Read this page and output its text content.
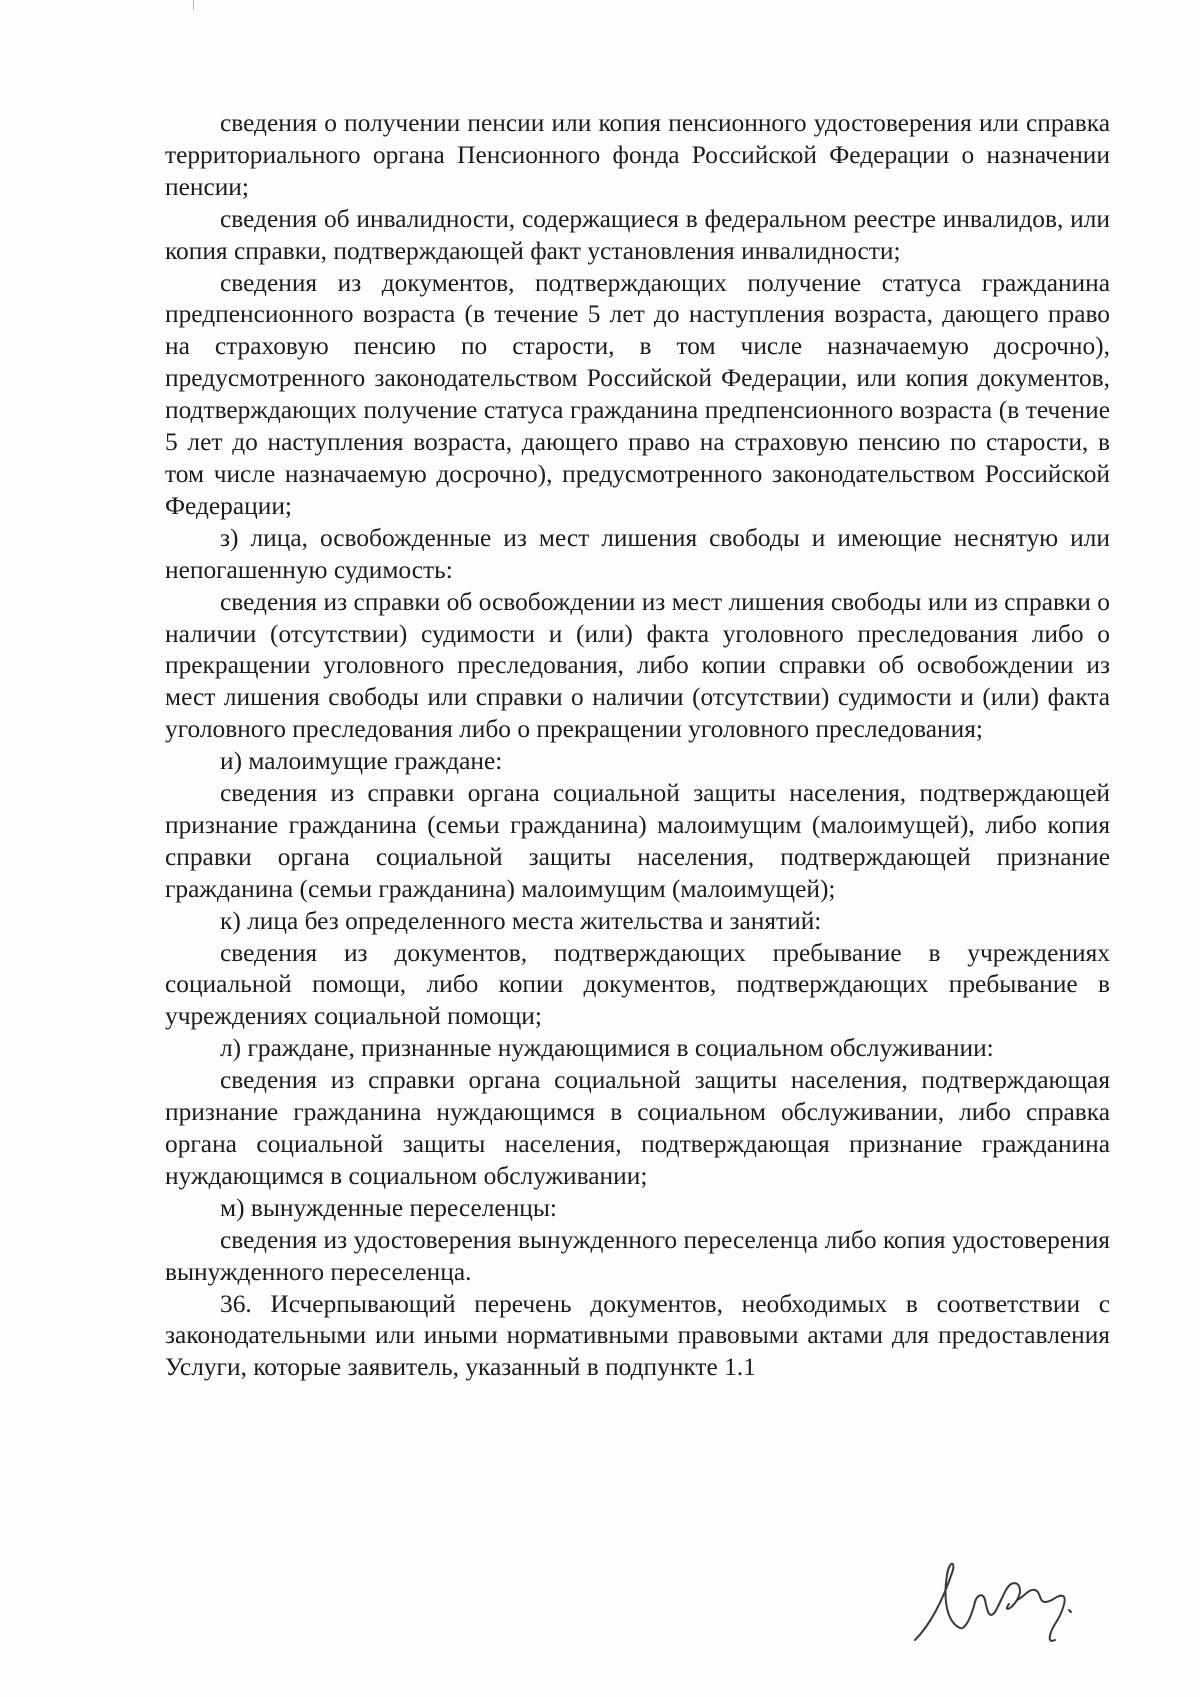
сведения о получении пенсии или копия пенсионного удостоверения или справка территориального органа Пенсионного фонда Российской Федерации о назначении пенсии;

сведения об инвалидности, содержащиеся в федеральном реестре инвалидов, или копия справки, подтверждающей факт установления инвалидности;

сведения из документов, подтверждающих получение статуса гражданина предпенсионного возраста (в течение 5 лет до наступления возраста, дающего право на страховую пенсию по старости, в том числе назначаемую досрочно), предусмотренного законодательством Российской Федерации, или копия документов, подтверждающих получение статуса гражданина предпенсионного возраста (в течение 5 лет до наступления возраста, дающего право на страховую пенсию по старости, в том числе назначаемую досрочно), предусмотренного законодательством Российской Федерации;

з) лица, освобожденные из мест лишения свободы и имеющие неснятую или непогашенную судимость:

сведения из справки об освобождении из мест лишения свободы или из справки о наличии (отсутствии) судимости и (или) факта уголовного преследования либо о прекращении уголовного преследования, либо копии справки об освобождении из мест лишения свободы или справки о наличии (отсутствии) судимости и (или) факта уголовного преследования либо о прекращении уголовного преследования;

и) малоимущие граждане:

сведения из справки органа социальной защиты населения, подтверждающей признание гражданина (семьи гражданина) малоимущим (малоимущей), либо копия справки органа социальной защиты населения, подтверждающей признание гражданина (семьи гражданина) малоимущим (малоимущей);

к) лица без определенного места жительства и занятий:

сведения из документов, подтверждающих пребывание в учреждениях социальной помощи, либо копии документов, подтверждающих пребывание в учреждениях социальной помощи;

л) граждане, признанные нуждающимися в социальном обслуживании:

сведения из справки органа социальной защиты населения, подтверждающая признание гражданина нуждающимся в социальном обслуживании, либо справка органа социальной защиты населения, подтверждающая признание гражданина нуждающимся в социальном обслуживании;

м) вынужденные переселенцы:

сведения из удостоверения вынужденного переселенца либо копия удостоверения вынужденного переселенца.

36. Исчерпывающий перечень документов, необходимых в соответствии с законодательными или иными нормативными правовыми актами для предоставления Услуги, которые заявитель, указанный в подпункте 1.1
